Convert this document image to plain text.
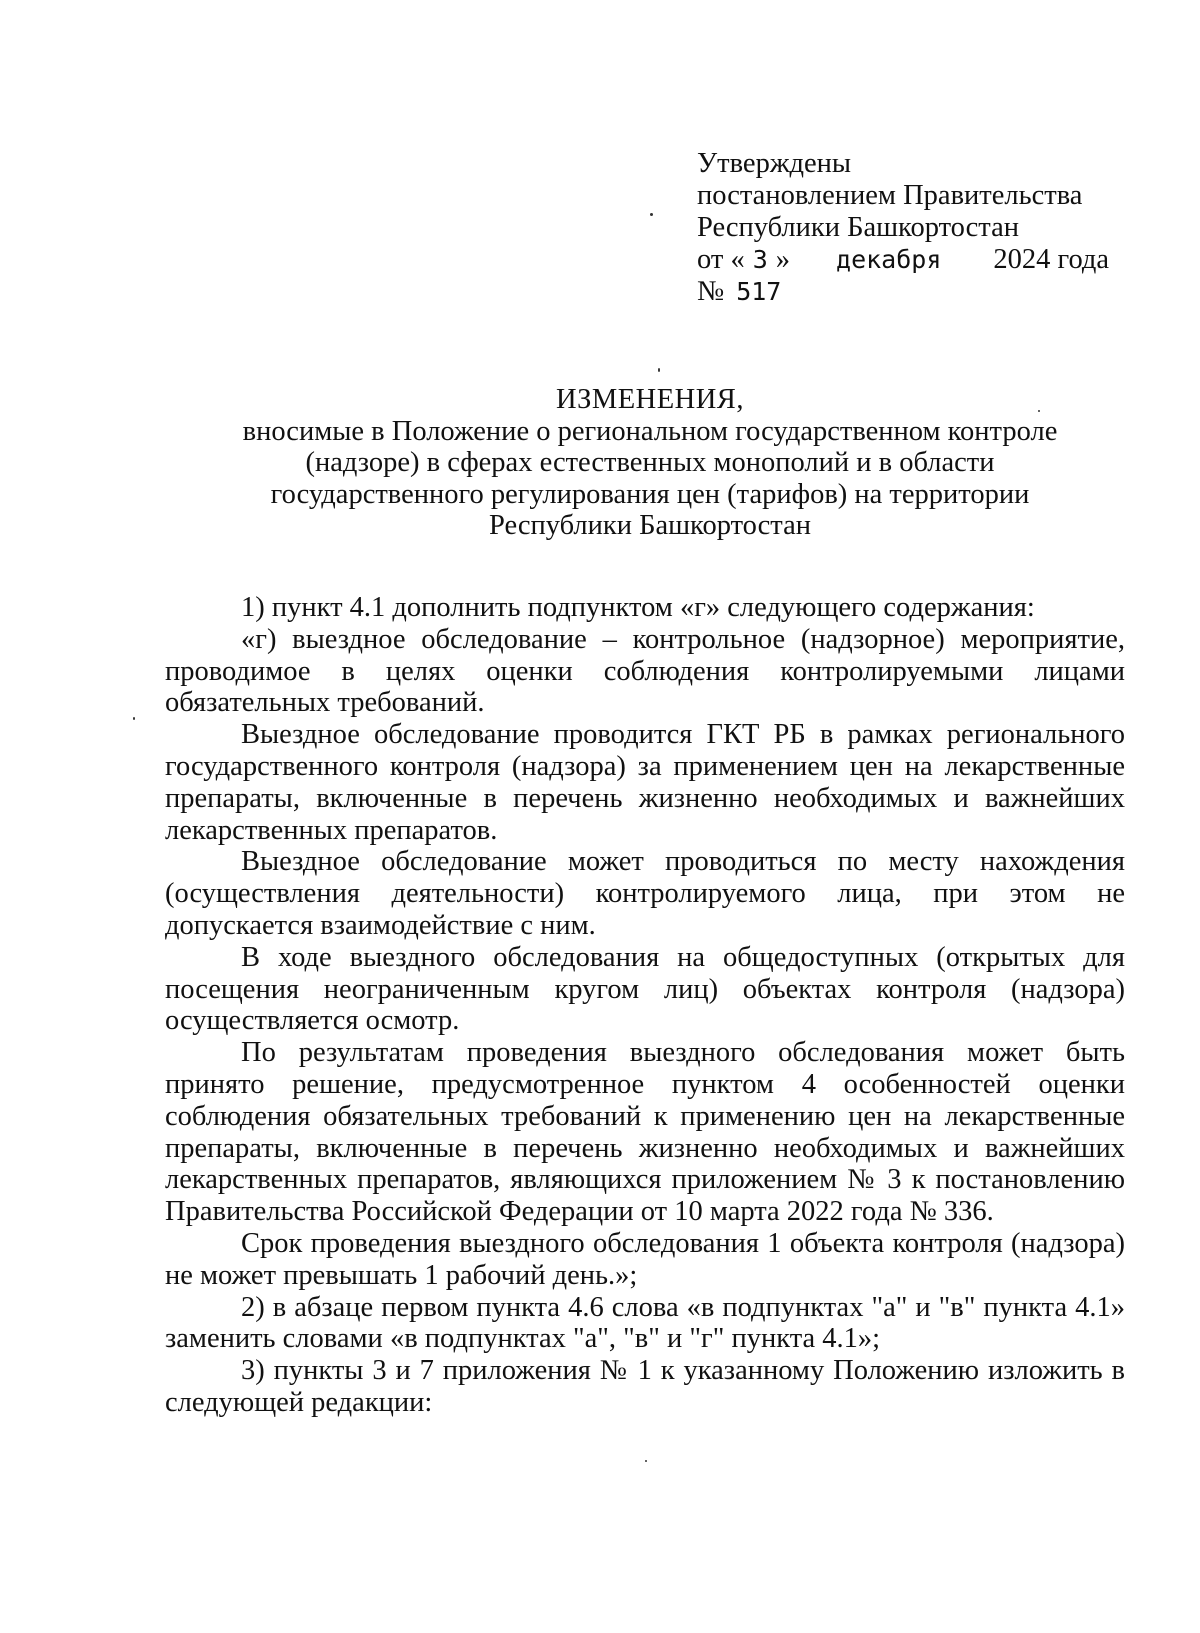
Утверждены
постановлением Правительства
Республики Башкортостан
от « 3 » декабря 2024 года
№ 517
ИЗМЕНЕНИЯ,
вносимые в Положение о региональном государственном контроле
(надзоре) в сферах естественных монополий и в области
государственного регулирования цен (тарифов) на территории
Республики Башкортостан

1) пункт 4.1 дополнить подпунктом «г» следующего содержания:

«г) выездное обследование – контрольное (надзорное) мероприятие, проводимое в целях оценки соблюдения контролируемыми лицами обязательных требований.

Выездное обследование проводится ГКТ РБ в рамках регионального государственного контроля (надзора) за применением цен на лекарственные препараты, включенные в перечень жизненно необходимых и важнейших лекарственных препаратов.

Выездное обследование может проводиться по месту нахождения (осуществления деятельности) контролируемого лица, при этом не допускается взаимодействие с ним.

В ходе выездного обследования на общедоступных (открытых для посещения неограниченным кругом лиц) объектах контроля (надзора) осуществляется осмотр.

По результатам проведения выездного обследования может быть принято решение, предусмотренное пунктом 4 особенностей оценки соблюдения обязательных требований к применению цен на лекарственные препараты, включенные в перечень жизненно необходимых и важнейших лекарственных препаратов, являющихся приложением № 3 к постановлению Правительства Российской Федерации от 10 марта 2022 года № 336.

Срок проведения выездного обследования 1 объекта контроля (надзора) не может превышать 1 рабочий день.»;

2) в абзаце первом пункта 4.6 слова «в подпунктах "а" и "в" пункта 4.1» заменить словами «в подпунктах "а", "в" и "г" пункта 4.1»;

3) пункты 3 и 7 приложения № 1 к указанному Положению изложить в следующей редакции:
